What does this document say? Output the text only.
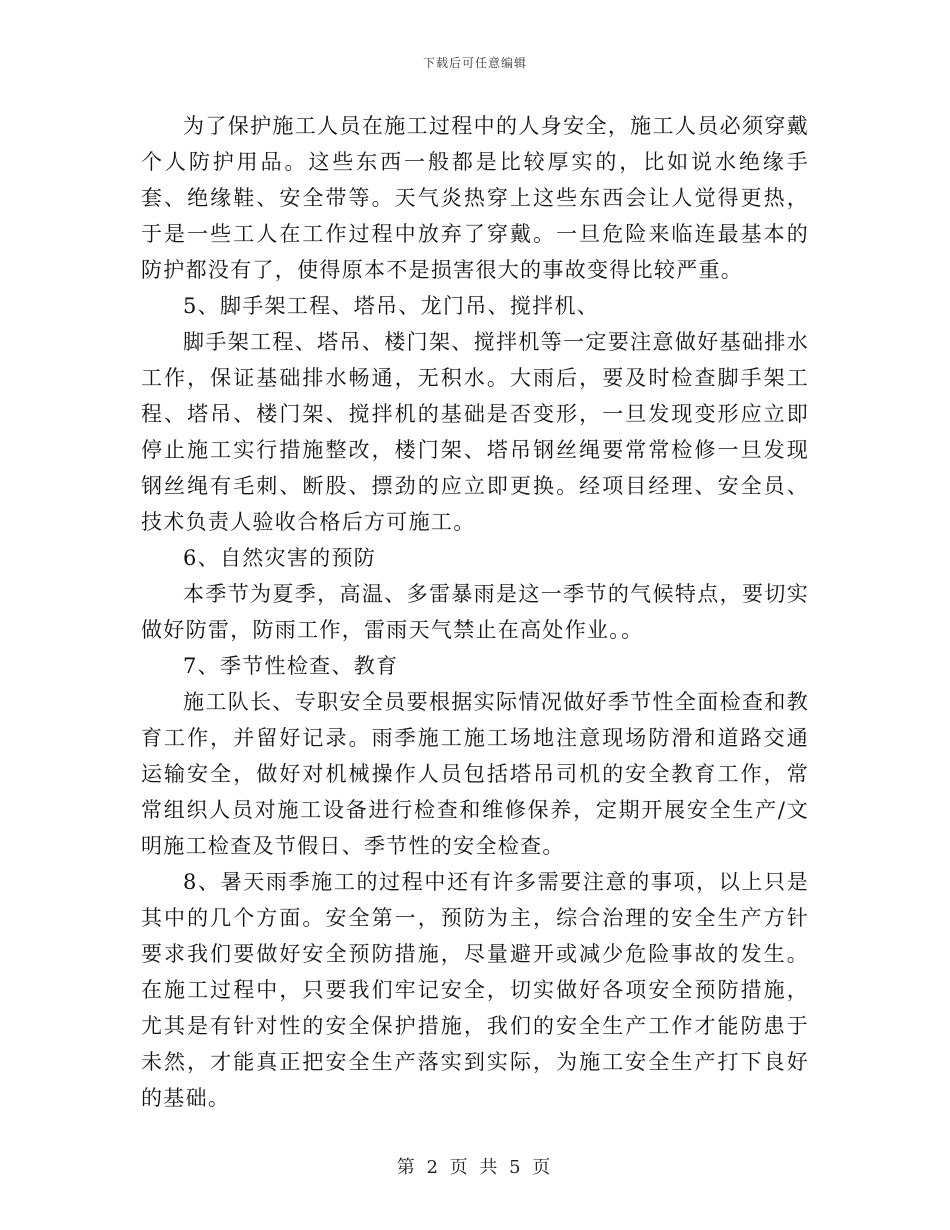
下载后可任意编辑

为了保护施工人员在施工过程中的人身安全，施工人员必须穿戴个人防护用品。这些东西一般都是比较厚实的，比如说水绝缘手套、绝缘鞋、安全带等。天气炎热穿上这些东西会让人觉得更热，于是一些工人在工作过程中放弃了穿戴。一旦危险来临连最基本的防护都没有了，使得原本不是损害很大的事故变得比较严重。

5、脚手架工程、塔吊、龙门吊、搅拌机、

脚手架工程、塔吊、楼门架、搅拌机等一定要注意做好基础排水工作，保证基础排水畅通，无积水。大雨后，要及时检查脚手架工程、塔吊、楼门架、搅拌机的基础是否变形，一旦发现变形应立即停止施工实行措施整改，楼门架、塔吊钢丝绳要常常检修一旦发现钢丝绳有毛刺、断股、摽劲的应立即更换。经项目经理、安全员、技术负责人验收合格后方可施工。

6、自然灾害的预防

本季节为夏季，高温、多雷暴雨是这一季节的气候特点，要切实做好防雷，防雨工作，雷雨天气禁止在高处作业。。

7、季节性检查、教育

施工队长、专职安全员要根据实际情况做好季节性全面检查和教育工作，并留好记录。雨季施工施工场地注意现场防滑和道路交通运输安全，做好对机械操作人员包括塔吊司机的安全教育工作，常常组织人员对施工设备进行检查和维修保养，定期开展安全生产/文明施工检查及节假日、季节性的安全检查。

8、暑天雨季施工的过程中还有许多需要注意的事项，以上只是其中的几个方面。安全第一，预防为主，综合治理的安全生产方针要求我们要做好安全预防措施，尽量避开或减少危险事故的发生。在施工过程中，只要我们牢记安全，切实做好各项安全预防措施，尤其是有针对性的安全保护措施，我们的安全生产工作才能防患于未然，才能真正把安全生产落实到实际，为施工安全生产打下良好的基础。

第 2 页 共 5 页
